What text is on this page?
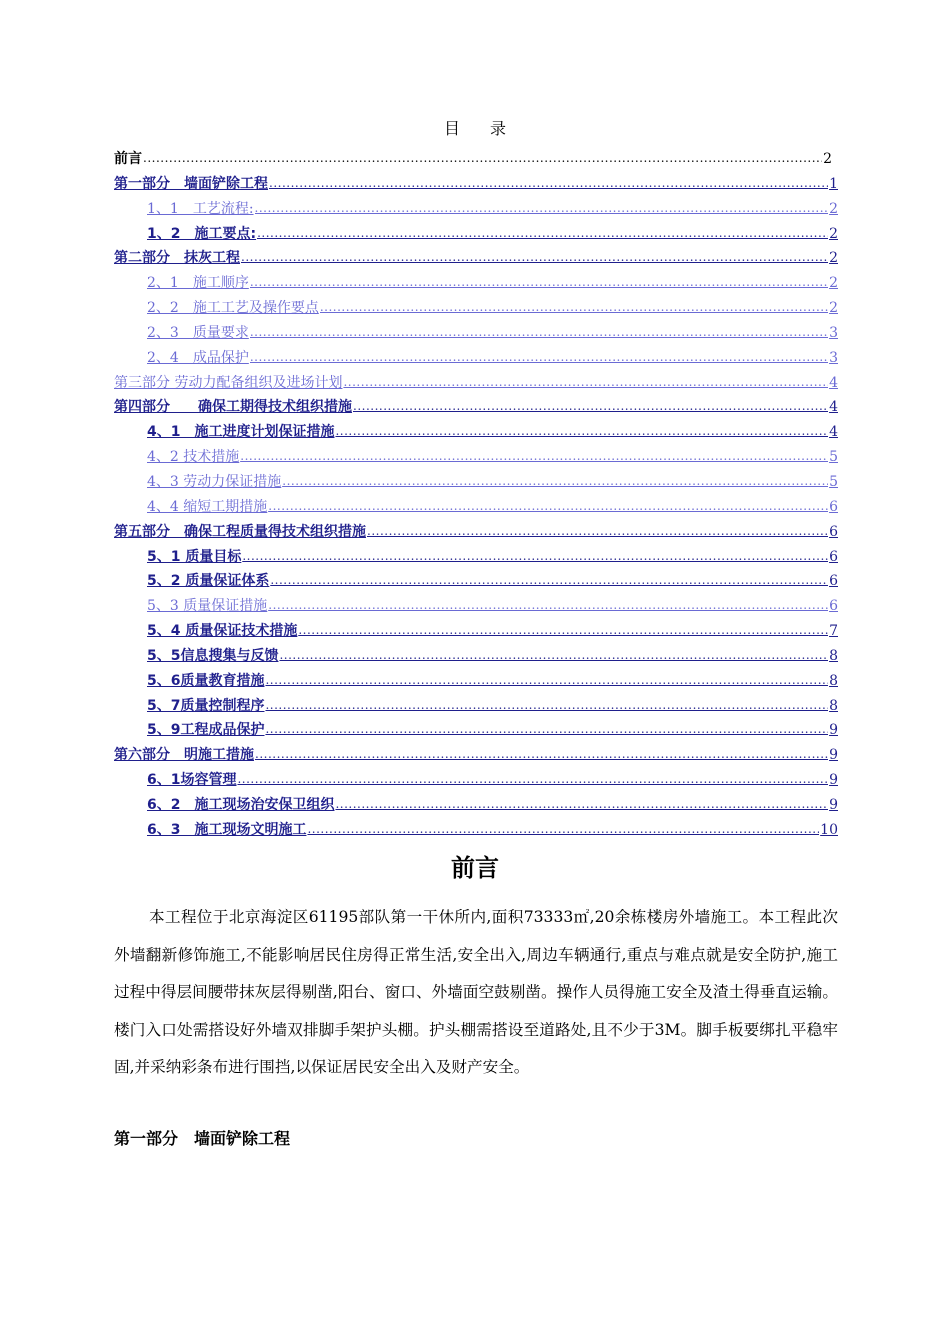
目 录
前言 .....	2
第一部分　墙面铲除工程 .....	1
1、1　工艺流程: .....	2
1、2　施工要点: .....	2
第二部分　抹灰工程 .....	2
2、1　施工顺序 .....	2
2、2　施工工艺及操作要点 .....	2
2、3　质量要求 .....	3
2、4　成品保护 .....	3
第三部分 劳动力配备组织及进场计划 .....	4
第四部分　　确保工期得技术组织措施 .....	4
4、1　施工进度计划保证措施 .....	4
4、2 技术措施 .....	5
4、3 劳动力保证措施 .....	5
4、4 缩短工期措施 .....	6
第五部分　确保工程质量得技术组织措施 .....	6
5、1 质量目标 .....	6
5、2 质量保证体系 .....	6
5、3 质量保证措施 .....	6
5、4 质量保证技术措施 .....	7
5、5信息搜集与反馈 .....	8
5、6质量教育措施 .....	8
5、7质量控制程序 .....	8
5、9工程成品保护 .....	9
第六部分　明施工措施 .....	9
6、1场容管理 .....	9
6、2　施工现场治安保卫组织 .....	9
6、3　施工现场文明施工 .....	10
前言
本工程位于北京海淀区61195部队第一干休所内,面积73333㎡,20余栋楼房外墙施工。本工程此次外墙翻新修饰施工,不能影响居民住房得正常生活,安全出入,周边车辆通行,重点与难点就是安全防护,施工过程中得层间腰带抹灰层得剔凿,阳台、窗口、外墙面空鼓剔凿。操作人员得施工安全及渣土得垂直运输。楼门入口处需搭设好外墙双排脚手架护头棚。护头棚需搭设至道路处,且不少于3M。脚手板要绑扎平稳牢固,并采纳彩条布进行围挡,以保证居民安全出入及财产安全。
第一部分　墙面铲除工程
